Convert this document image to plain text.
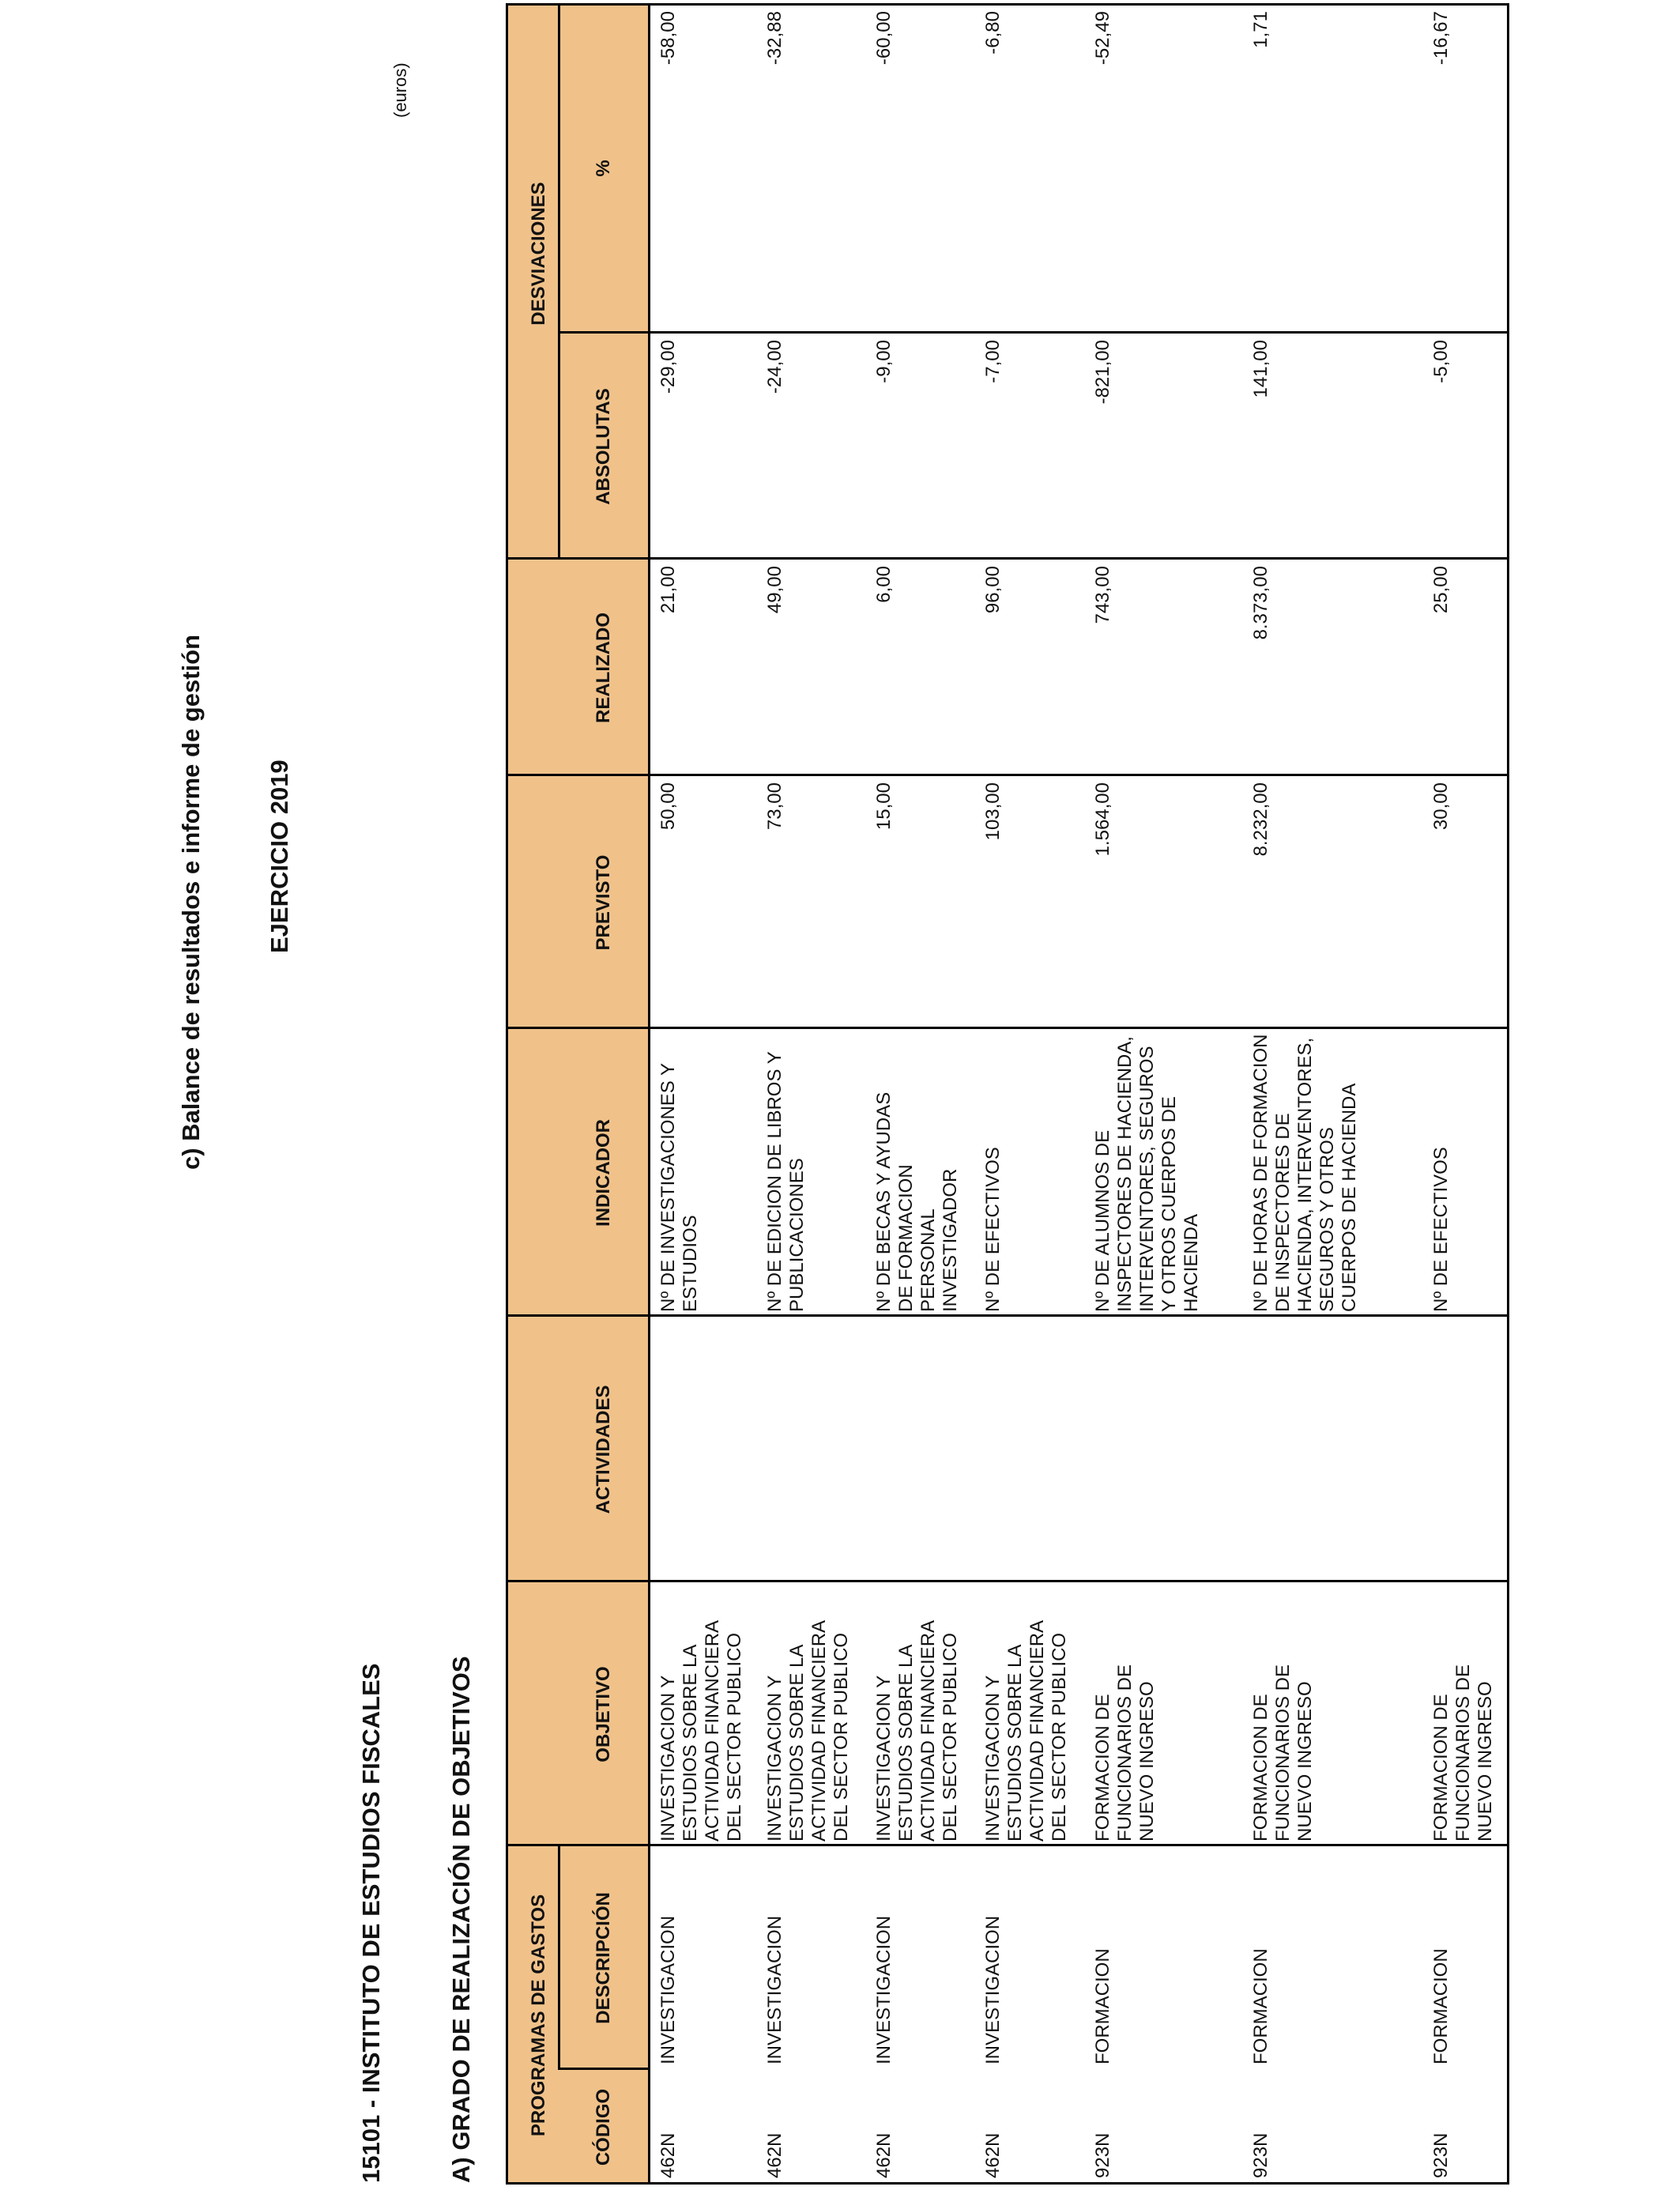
c) Balance de resultados e informe de gestión EJERCICIO 2019
15101 - INSTITUTO DE ESTUDIOS FISCALES	A) GRADO DE REALIZACIÓN DE OBJETIVOS
(euros)
PROGRAMAS DE GASTOS
DESVIACIONES
CÓDIGO
DESCRIPCIÓN
OBJETIVO
ACTIVIDADES
INDICADOR
PREVISTO
REALIZADO
ABSOLUTAS
%
462N
INVESTIGACION
INVESTIGACION Y ESTUDIOS SOBRE LA ACTIVIDAD FINANCIERA DEL SECTOR PUBLICO
Nº DE INVESTIGACIONES Y ESTUDIOS
50,00
21,00
-29,00
-58,00
462N
INVESTIGACION
INVESTIGACION Y ESTUDIOS SOBRE LA ACTIVIDAD FINANCIERA DEL SECTOR PUBLICO
Nº DE EDICION DE LIBROS Y PUBLICACIONES
73,00
49,00
-24,00
-32,88
462N
INVESTIGACION
INVESTIGACION Y ESTUDIOS SOBRE LA ACTIVIDAD FINANCIERA DEL SECTOR PUBLICO
Nº DE BECAS Y AYUDAS DE FORMACION PERSONAL INVESTIGADOR
15,00
6,00
-9,00
-60,00
462N
INVESTIGACION
INVESTIGACION Y ESTUDIOS SOBRE LA ACTIVIDAD FINANCIERA DEL SECTOR PUBLICO
Nº DE EFECTIVOS
103,00
96,00
-7,00
-6,80
923N
FORMACION
FORMACION DE FUNCIONARIOS DE NUEVO INGRESO
Nº DE ALUMNOS DE INSPECTORES DE HACIENDA, INTERVENTORES, SEGUROS Y OTROS CUERPOS DE HACIENDA
1.564,00
743,00
-821,00
-52,49
923N
FORMACION
FORMACION DE FUNCIONARIOS DE NUEVO INGRESO
Nº DE HORAS DE FORMACION DE INSPECTORES DE HACIENDA, INTERVENTORES, SEGUROS Y OTROS CUERPOS DE HACIENDA
8.232,00
8.373,00
141,00
1,71
923N
FORMACION
FORMACION DE FUNCIONARIOS DE NUEVO INGRESO
Nº DE EFECTIVOS
30,00
25,00
-5,00
-16,67
